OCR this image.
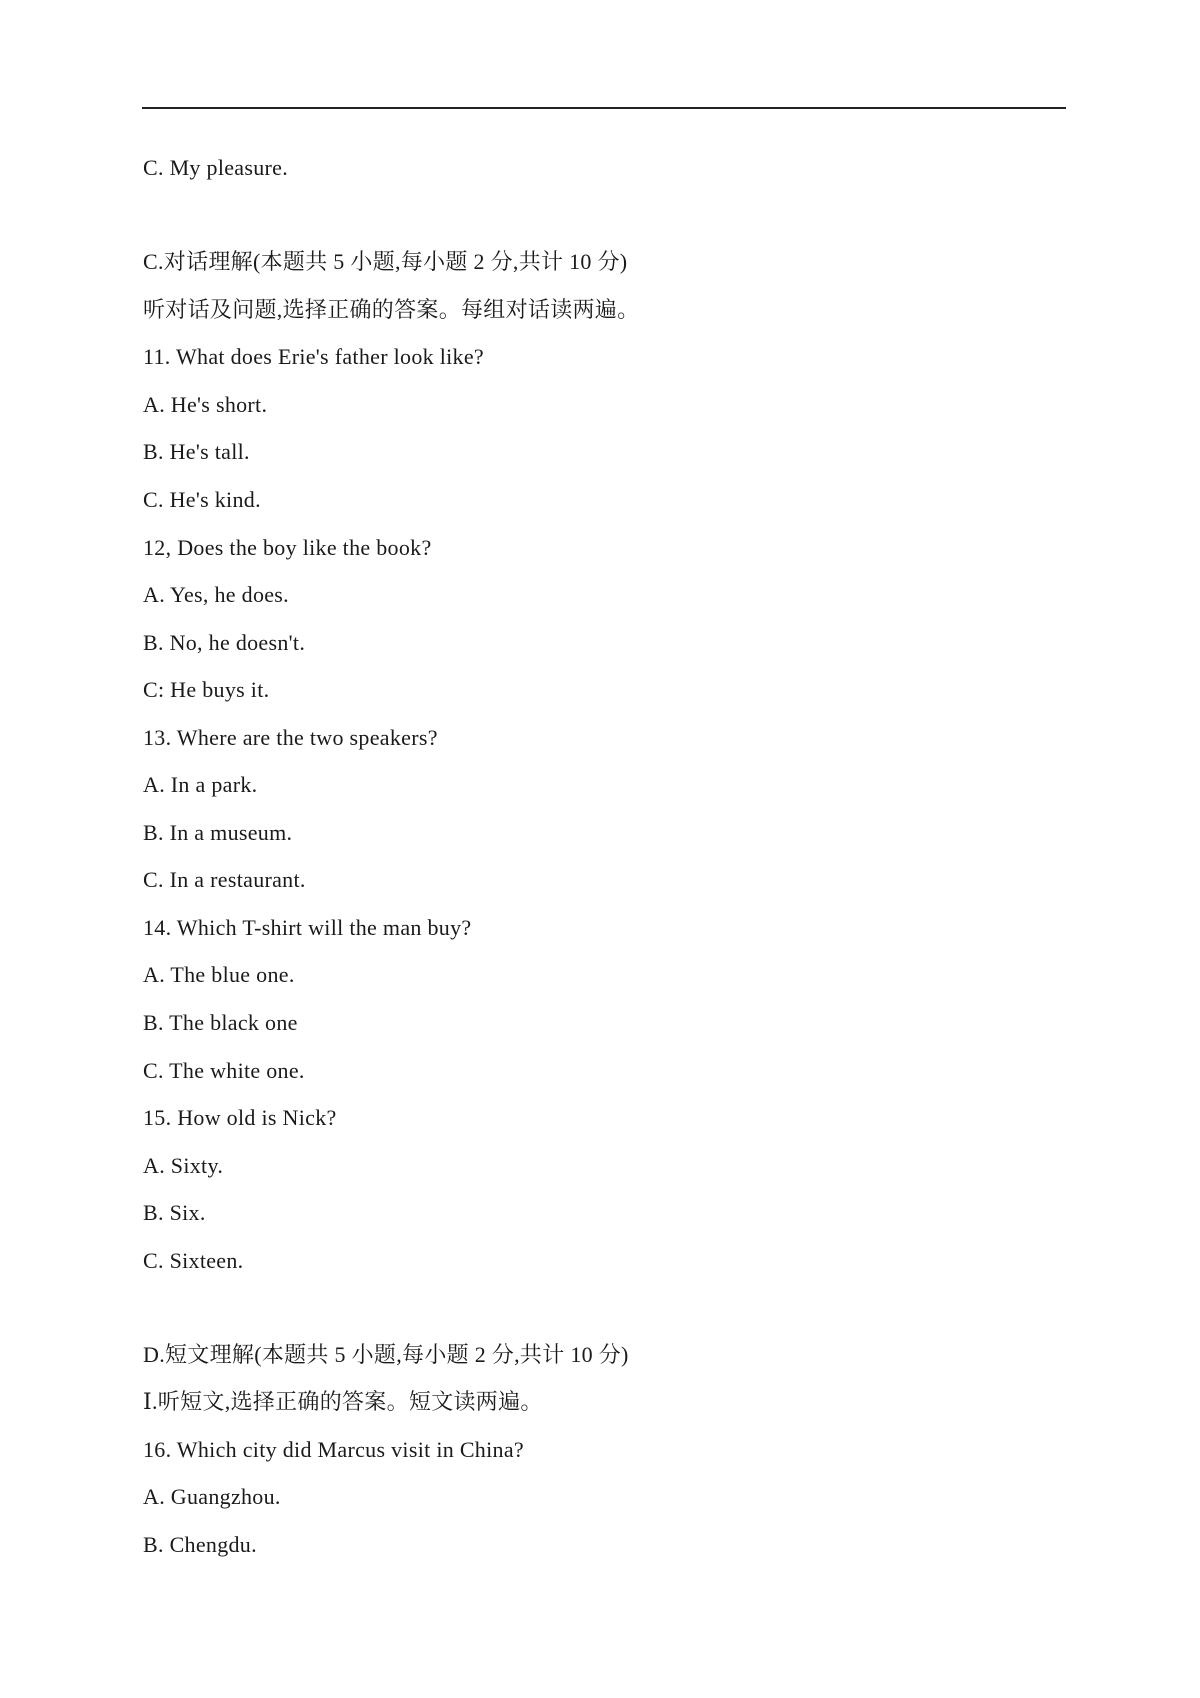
C. My pleasure.
C.对话理解(本题共 5 小题,每小题 2 分,共计 10 分)
听对话及问题,选择正确的答案。每组对话读两遍。
11. What does Erie's father look like?
A. He's short.
B. He's tall.
C. He's kind.
12, Does the boy like the book?
A. Yes, he does.
B. No, he doesn't.
C: He buys it.
13. Where are the two speakers?
A. In a park.
B. In a museum.
C. In a restaurant.
14. Which T-shirt will the man buy?
A. The blue one.
B. The black one
C. The white one.
15. How old is Nick?
A. Sixty.
B. Six.
C. Sixteen.
D.短文理解(本题共 5 小题,每小题 2 分,共计 10 分)
Ⅰ.听短文,选择正确的答案。短文读两遍。
16. Which city did Marcus visit in China?
A. Guangzhou.
B. Chengdu.
